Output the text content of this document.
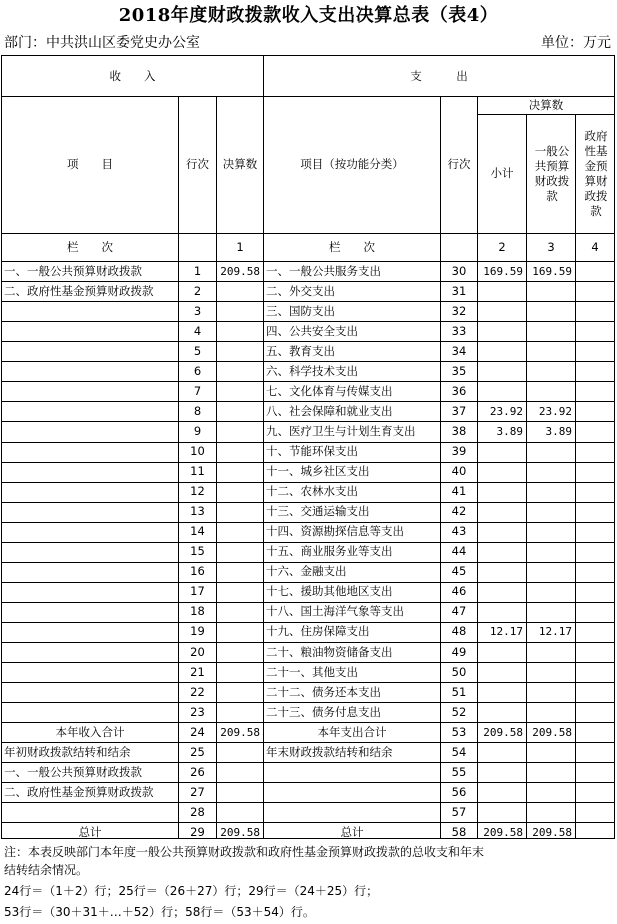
2018年度财政拨款收入支出决算总表（表4）
部门：中共洪山区委党史办公室	单位：万元
收　　入	支　　　出
决算数
项　　目	行次	决算数	项目（按功能分类）	行次
小计
一般公共预算财政拨款
政府性基金预算财政拨款
栏　　次	1	栏　　次	2	3	4
一、一般公共预算财政拨款	1	209.58 一、一般公共服务支出	30	169.59 169.59
二、政府性基金预算财政拨款	2	二、外交支出	31
3	三、国防支出	32
4	四、公共安全支出	33
5	五、教育支出	34
6	六、科学技术支出	35
7	七、文化体育与传媒支出	36
8	八、社会保障和就业支出	37	23.92	23.92
9	九、医疗卫生与计划生育支出	38	3.89	3.89
10	十、节能环保支出	39
11	十一、城乡社区支出	40
12	十二、农林水支出	41
13	十三、交通运输支出	42
14	十四、资源勘探信息等支出	43
15	十五、商业服务业等支出	44
16	十六、金融支出	45
17	十七、援助其他地区支出	46
18	十八、国土海洋气象等支出	47
19	十九、住房保障支出	48	12.17	12.17
20	二十、粮油物资储备支出	49
21	二十一、其他支出	50
22	二十二、债务还本支出	51
23	二十三、债务付息支出	52
本年收入合计	24	209.58	本年支出合计	53	209.58 209.58
年初财政拨款结转和结余	25	年末财政拨款结转和结余	54
一、一般公共预算财政拨款	26	55
二、政府性基金预算财政拨款	27	56
28	57
总计	29	209.58	总计	58	209.58 209.58
注：本表反映部门本年度一般公共预算财政拨款和政府性基金预算财政拨款的总收支和年末
结转结余情况。
24行＝（1＋2）行；25行＝（26＋27）行；29行＝（24＋25）行；
53行＝（30＋31＋…＋52）行；58行＝（53＋54）行。
